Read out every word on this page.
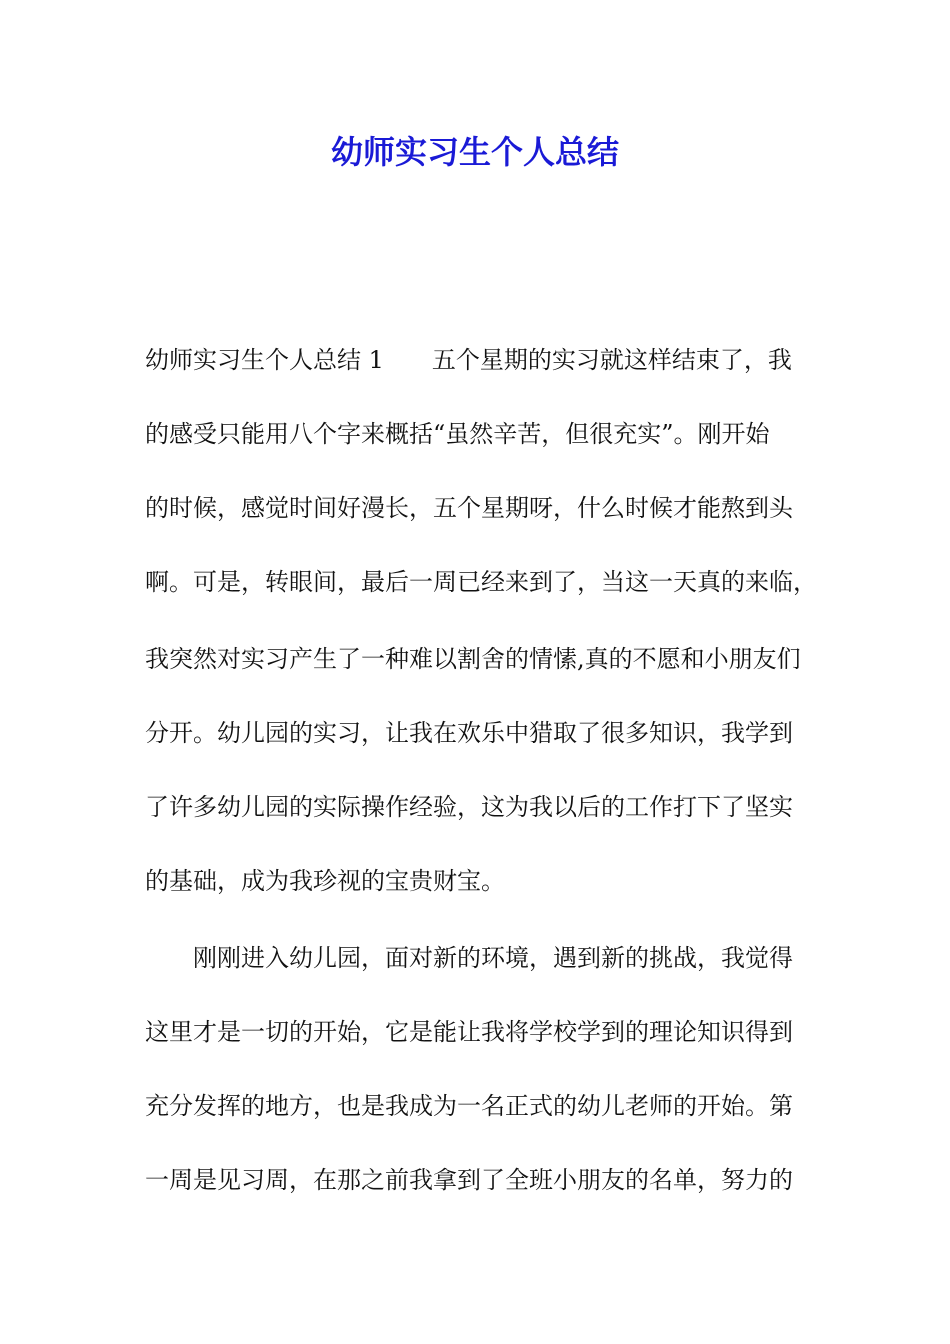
幼师实习生个人总结

幼师实习生个人总结 1　　五个星期的实习就这样结束了，我

的感受只能用八个字来概括“虽然辛苦，但很充实”。刚开始

的时候，感觉时间好漫长，五个星期呀，什么时候才能熬到头

啊。可是，转眼间，最后一周已经来到了，当这一天真的来临，

我突然对实习产生了一种难以割舍的情愫,真的不愿和小朋友们

分开。幼儿园的实习，让我在欢乐中猎取了很多知识，我学到

了许多幼儿园的实际操作经验，这为我以后的工作打下了坚实

的基础，成为我珍视的宝贵财宝。

　　刚刚进入幼儿园，面对新的环境，遇到新的挑战，我觉得

这里才是一切的开始，它是能让我将学校学到的理论知识得到

充分发挥的地方，也是我成为一名正式的幼儿老师的开始。第

一周是见习周，在那之前我拿到了全班小朋友的名单，努力的
